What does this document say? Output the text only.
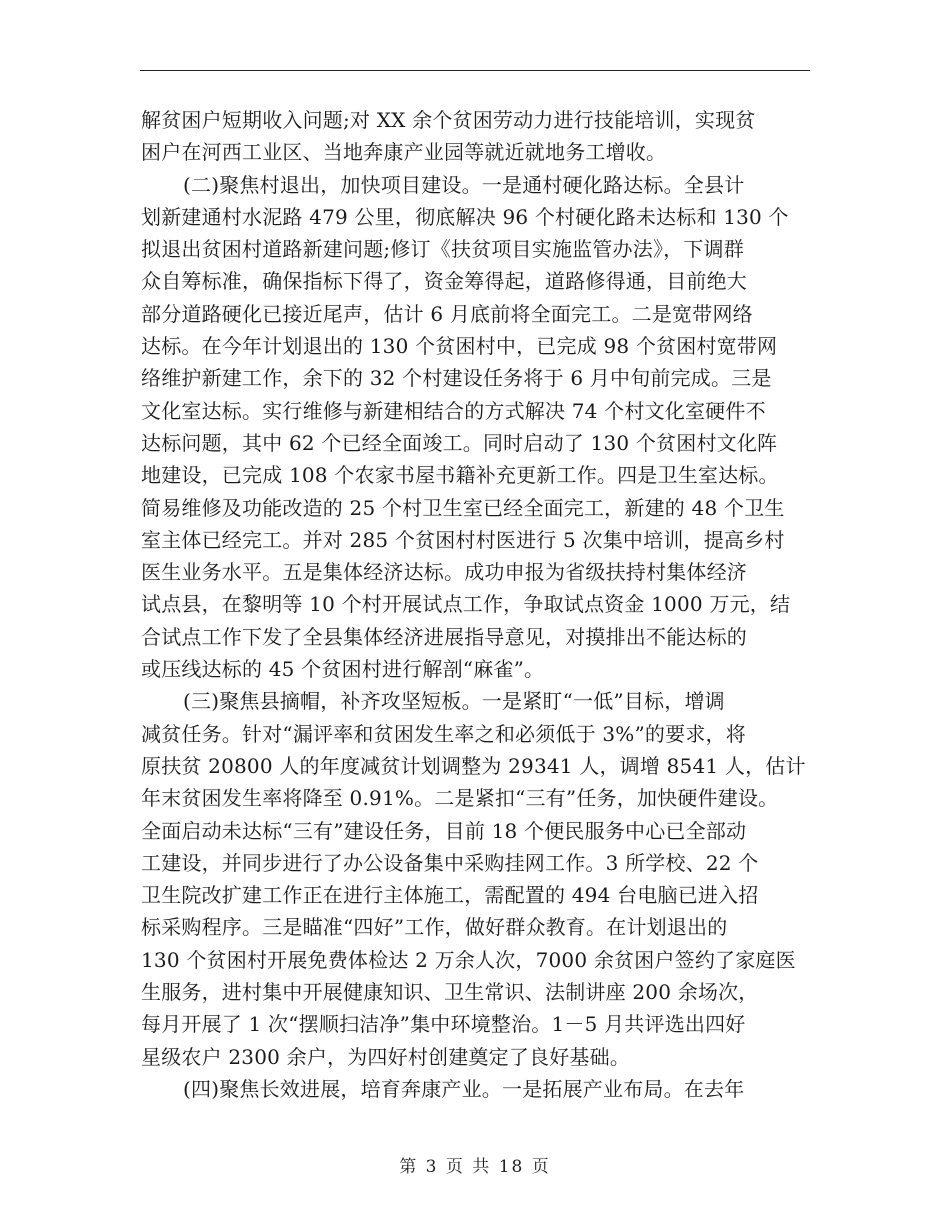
解贫困户短期收入问题;对 XX 余个贫困劳动力进行技能培训，实现贫
困户在河西工业区、当地奔康产业园等就近就地务工增收。
(二)聚焦村退出，加快项目建设。一是通村硬化路达标。全县计
划新建通村水泥路 479 公里，彻底解决 96 个村硬化路未达标和 130 个
拟退出贫困村道路新建问题;修订《扶贫项目实施监管办法》，下调群
众自筹标准，确保指标下得了，资金筹得起，道路修得通，目前绝大
部分道路硬化已接近尾声，估计 6 月底前将全面完工。二是宽带网络
达标。在今年计划退出的 130 个贫困村中，已完成 98 个贫困村宽带网
络维护新建工作，余下的 32 个村建设任务将于 6 月中旬前完成。三是
文化室达标。实行维修与新建相结合的方式解决 74 个村文化室硬件不
达标问题，其中 62 个已经全面竣工。同时启动了 130 个贫困村文化阵
地建设，已完成 108 个农家书屋书籍补充更新工作。四是卫生室达标。
简易维修及功能改造的 25 个村卫生室已经全面完工，新建的 48 个卫生
室主体已经完工。并对 285 个贫困村村医进行 5 次集中培训，提高乡村
医生业务水平。五是集体经济达标。成功申报为省级扶持村集体经济
试点县，在黎明等 10 个村开展试点工作，争取试点资金 1000 万元，结
合试点工作下发了全县集体经济进展指导意见，对摸排出不能达标的
或压线达标的 45 个贫困村进行解剖“麻雀”。
(三)聚焦县摘帽，补齐攻坚短板。一是紧盯“一低”目标，增调
减贫任务。针对“漏评率和贫困发生率之和必须低于 3%”的要求，将
原扶贫 20800 人的年度减贫计划调整为 29341 人，调增 8541 人，估计
年末贫困发生率将降至 0.91%。二是紧扣“三有”任务，加快硬件建设。
全面启动未达标“三有”建设任务，目前 18 个便民服务中心已全部动
工建设，并同步进行了办公设备集中采购挂网工作。3 所学校、22 个
卫生院改扩建工作正在进行主体施工，需配置的 494 台电脑已进入招
标采购程序。三是瞄准“四好”工作，做好群众教育。在计划退出的
130 个贫困村开展免费体检达 2 万余人次，7000 余贫困户签约了家庭医
生服务，进村集中开展健康知识、卫生常识、法制讲座 200 余场次，
每月开展了 1 次“摆顺扫洁净”集中环境整治。1－5 月共评选出四好
星级农户 2300 余户，为四好村创建奠定了良好基础。
(四)聚焦长效进展，培育奔康产业。一是拓展产业布局。在去年
第 3 页 共 18 页
